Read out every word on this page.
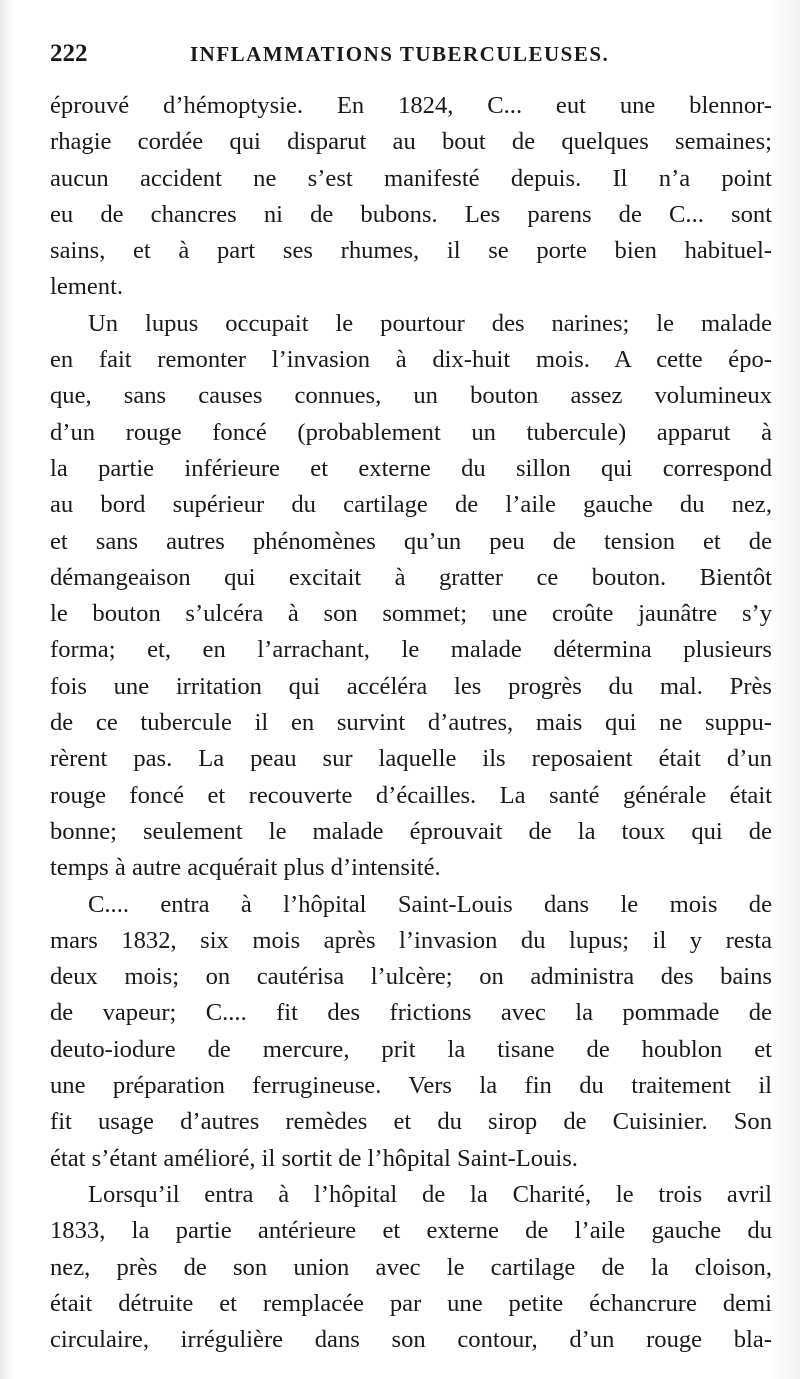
222	INFLAMMATIONS TUBERCULEUSES.
éprouvé d’hémoptysie. En 1824, C... eut une blennor-
rhagie cordée qui disparut au bout de quelques semaines;
aucun accident ne s’est manifesté depuis. Il n’a point
eu de chancres ni de bubons. Les parens de C... sont
sains, et à part ses rhumes, il se porte bien habituel-
lement.
Un lupus occupait le pourtour des narines; le malade
en fait remonter l’invasion à dix-huit mois. A cette épo-
que, sans causes connues, un bouton assez volumineux
d’un rouge foncé (probablement un tubercule) apparut à
la partie inférieure et externe du sillon qui correspond
au bord supérieur du cartilage de l’aile gauche du nez,
et sans autres phénomènes qu’un peu de tension et de
démangeaison qui excitait à gratter ce bouton. Bientôt
le bouton s’ulcéra à son sommet; une croûte jaunâtre s’y
forma; et, en l’arrachant, le malade détermina plusieurs
fois une irritation qui accéléra les progrès du mal. Près
de ce tubercule il en survint d’autres, mais qui ne suppu-
rèrent pas. La peau sur laquelle ils reposaient était d’un
rouge foncé et recouverte d’écailles. La santé générale était
bonne; seulement le malade éprouvait de la toux qui de
temps à autre acquérait plus d’intensité.
C.... entra à l’hôpital Saint-Louis dans le mois de
mars 1832, six mois après l’invasion du lupus; il y resta
deux mois; on cautérisa l’ulcère; on administra des bains
de vapeur; C.... fit des frictions avec la pommade de
deuto-iodure de mercure, prit la tisane de houblon et
une préparation ferrugineuse. Vers la fin du traitement il
fit usage d’autres remèdes et du sirop de Cuisinier. Son
état s’étant amélioré, il sortit de l’hôpital Saint-Louis.
Lorsqu’il entra à l’hôpital de la Charité, le trois avril
1833, la partie antérieure et externe de l’aile gauche du
nez, près de son union avec le cartilage de la cloison,
était détruite et remplacée par une petite échancrure demi
circulaire, irrégulière dans son contour, d’un rouge bla-
